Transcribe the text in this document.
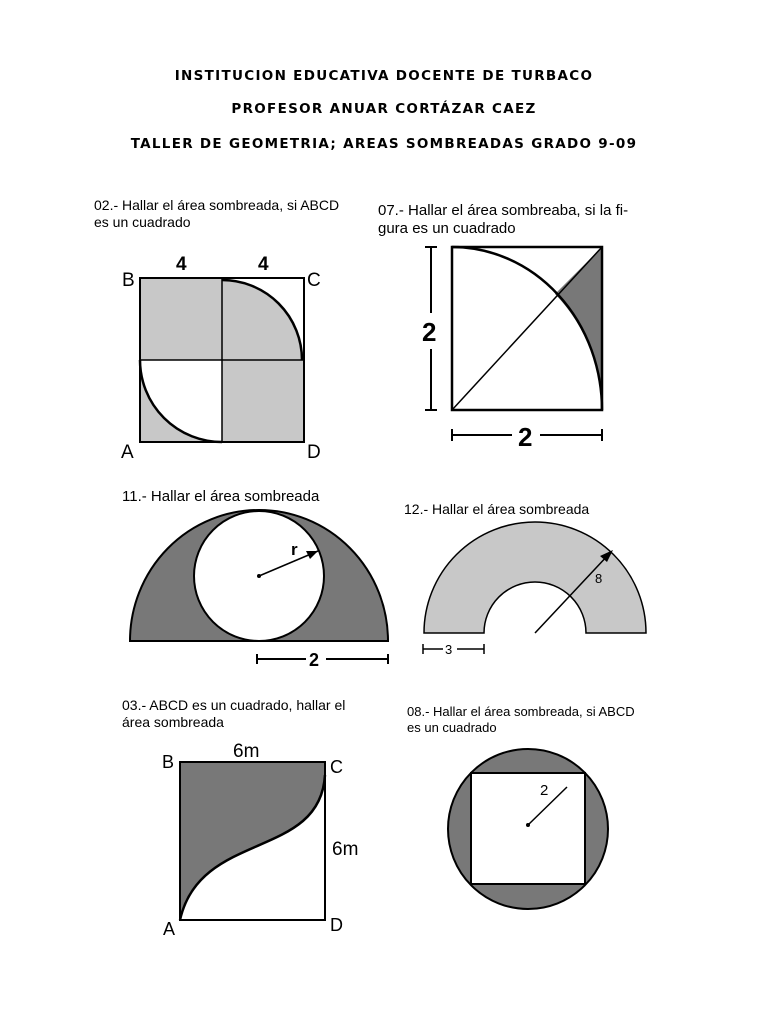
INSTITUCION EDUCATIVA DOCENTE DE TURBACO
PROFESOR ANUAR CORTÁZAR CAEZ
TALLER DE GEOMETRIA; AREAS SOMBREADAS GRADO 9-09
02.- Hallar el área sombreada, si ABCD
es un cuadrado
B	C
A	D
4	4
07.- Hallar el área sombreaba, si la fi-
gura es un cuadrado
2
2
11.- Hallar el área sombreada
r
2
12.- Hallar el área sombreada
8
3
03.- ABCD es un cuadrado, hallar el
área sombreada
B	C
A	D
6m
6m
08.- Hallar el área sombreada, si ABCD
es un cuadrado
2
